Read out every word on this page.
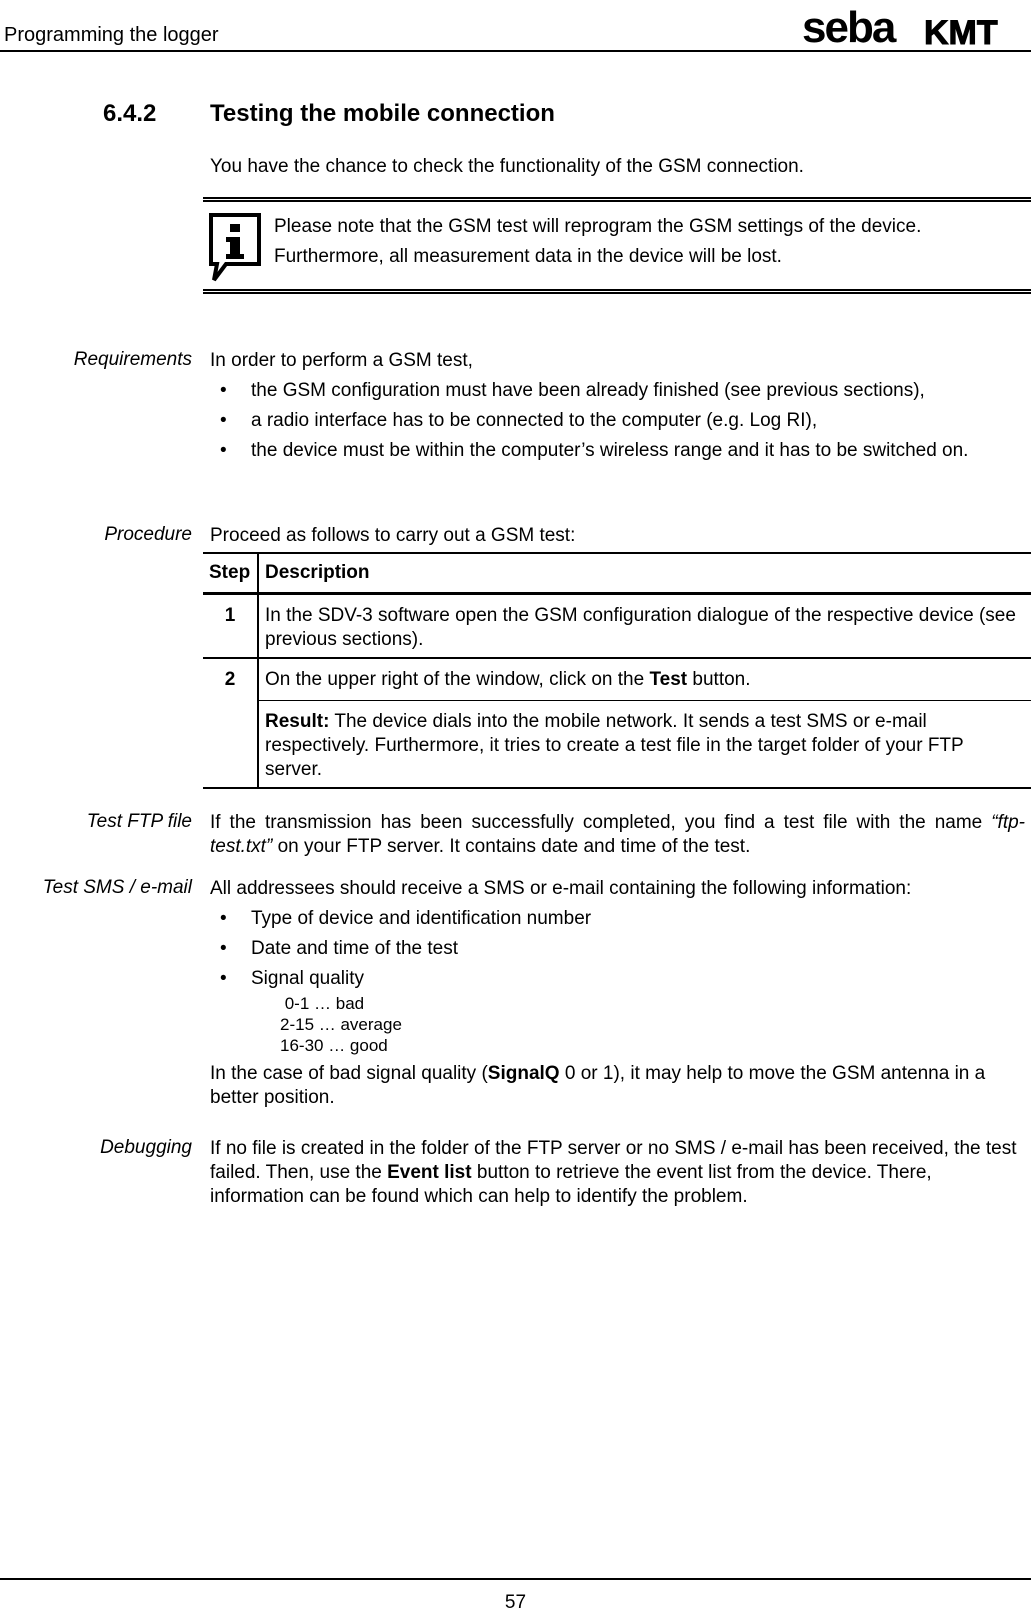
Programming the logger	seba KMT
6.4.2 Testing the mobile connection
You have the chance to check the functionality of the GSM connection.
Please note that the GSM test will reprogram the GSM settings of the device.
Furthermore, all measurement data in the device will be lost.
Requirements In order to perform a GSM test,
• the GSM configuration must have been already finished (see previous sections),
• a radio interface has to be connected to the computer (e.g. Log RI),
• the device must be within the computer’s wireless range and it has to be switched on.
Procedure Proceed as follows to carry out a GSM test:
Step	Description
1	In the SDV-3 software open the GSM configuration dialogue of the respective device (see previous sections).
2	On the upper right of the window, click on the Test button.
	Result: The device dials into the mobile network. It sends a test SMS or e-mail respectively. Furthermore, it tries to create a test file in the target folder of your FTP server.
Test FTP file If the transmission has been successfully completed, you find a test file with the name “ftp-test.txt” on your FTP server. It contains date and time of the test.
Test SMS / e-mail All addressees should receive a SMS or e-mail containing the following information:
• Type of device and identification number
• Date and time of the test
• Signal quality
0-1 … bad
2-15 … average
16-30 … good
In the case of bad signal quality (SignalQ 0 or 1), it may help to move the GSM antenna in a better position.
Debugging If no file is created in the folder of the FTP server or no SMS / e-mail has been received, the test failed. Then, use the Event list button to retrieve the event list from the device. There, information can be found which can help to identify the problem.
57
